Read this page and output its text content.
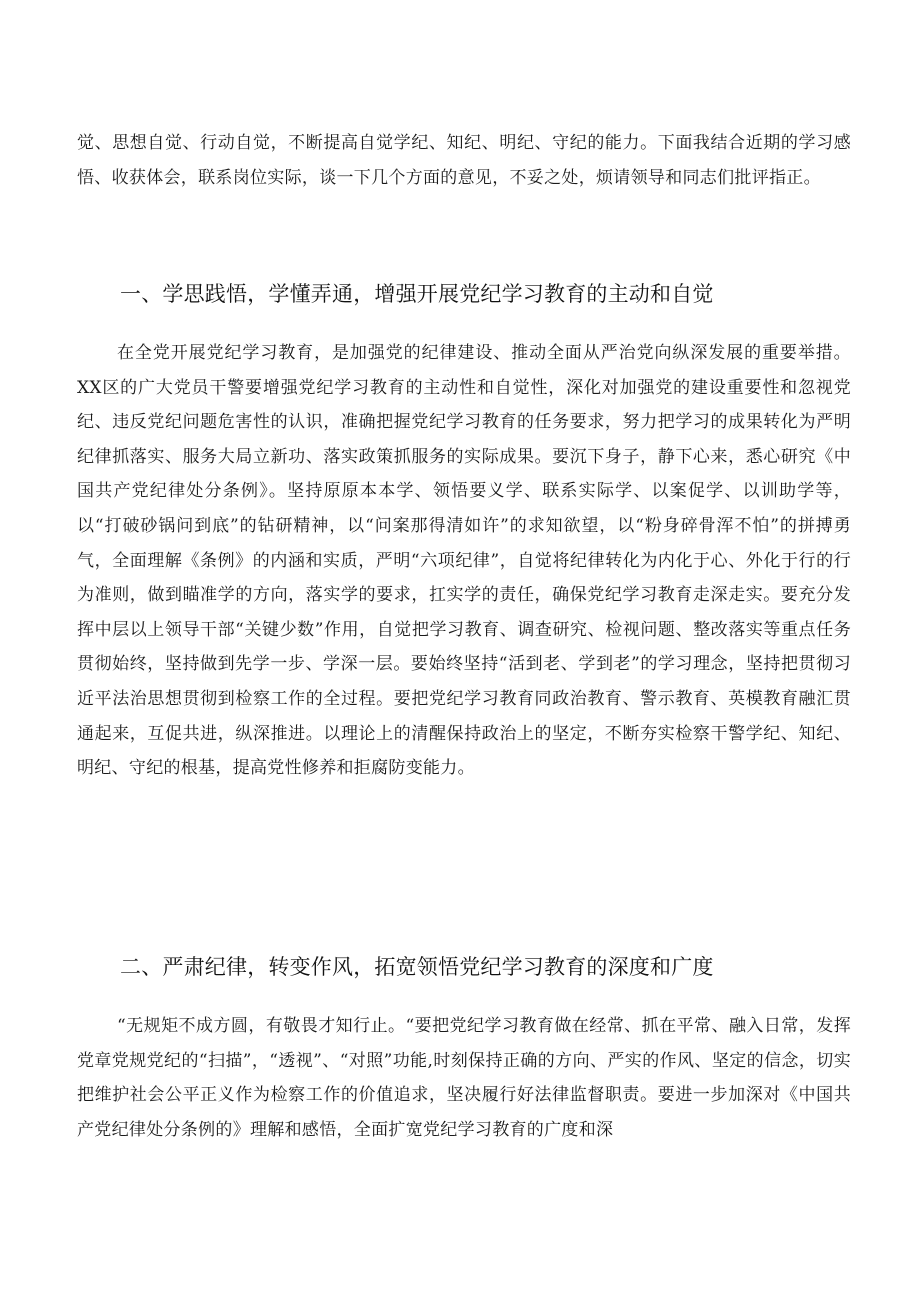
觉、思想自觉、行动自觉，不断提高自觉学纪、知纪、明纪、守纪的能力。下面我结合近期的学习感悟、收获体会，联系岗位实际，谈一下几个方面的意见，不妥之处，烦请领导和同志们批评指正。

一、学思践悟，学懂弄通，增强开展党纪学习教育的主动和自觉

在全党开展党纪学习教育，是加强党的纪律建设、推动全面从严治党向纵深发展的重要举措。XX区的广大党员干警要增强党纪学习教育的主动性和自觉性，深化对加强党的建设重要性和忽视党纪、违反党纪问题危害性的认识，准确把握党纪学习教育的任务要求，努力把学习的成果转化为严明纪律抓落实、服务大局立新功、落实政策抓服务的实际成果。要沉下身子，静下心来，悉心研究《中国共产党纪律处分条例》。坚持原原本本学、领悟要义学、联系实际学、以案促学、以训助学等，以“打破砂锅问到底”的钻研精神，以“问案那得清如许”的求知欲望，以“粉身碎骨浑不怕”的拼搏勇气，全面理解《条例》的内涵和实质，严明“六项纪律”，自觉将纪律转化为内化于心、外化于行的行为准则，做到瞄准学的方向，落实学的要求，扛实学的责任，确保党纪学习教育走深走实。要充分发挥中层以上领导干部“关键少数”作用，自觉把学习教育、调查研究、检视问题、整改落实等重点任务贯彻始终，坚持做到先学一步、学深一层。要始终坚持“活到老、学到老”的学习理念，坚持把贯彻习近平法治思想贯彻到检察工作的全过程。要把党纪学习教育同政治教育、警示教育、英模教育融汇贯通起来，互促共进，纵深推进。以理论上的清醒保持政治上的坚定，不断夯实检察干警学纪、知纪、明纪、守纪的根基，提高党性修养和拒腐防变能力。

二、严肃纪律，转变作风，拓宽领悟党纪学习教育的深度和广度

“无规矩不成方圆，有敬畏才知行止。“要把党纪学习教育做在经常、抓在平常、融入日常，发挥党章党规党纪的“扫描”，“透视”、“对照”功能,时刻保持正确的方向、严实的作风、坚定的信念，切实把维护社会公平正义作为检察工作的价值追求，坚决履行好法律监督职责。要进一步加深对《中国共产党纪律处分条例的》理解和感悟，全面扩宽党纪学习教育的广度和深
